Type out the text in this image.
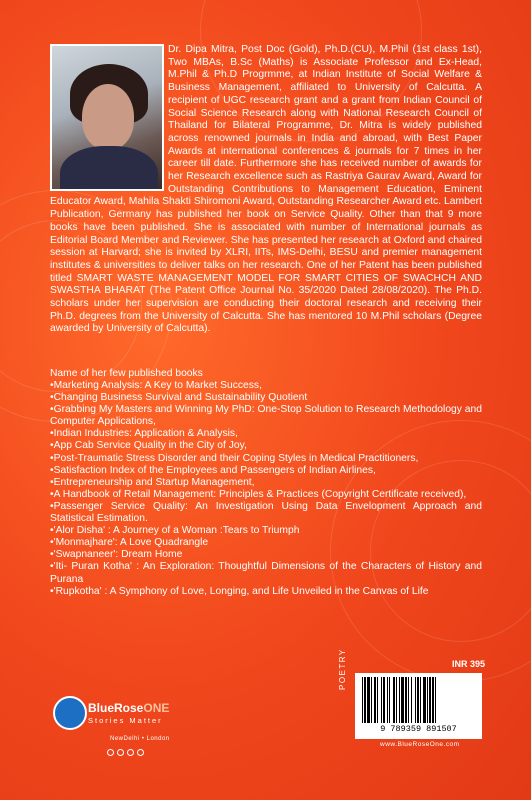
Dr. Dipa Mitra, Post Doc (Gold), Ph.D.(CU), M.Phil (1st class 1st), Two MBAs, B.Sc (Maths) is Associate Professor and Ex-Head, M.Phil & Ph.D Progrmme, at Indian Institute of Social Welfare & Business Management, affiliated to University of Calcutta. A recipient of UGC research grant and a grant from Indian Council of Social Science Research along with National Research Council of Thailand for Bilateral Programme, Dr. Mitra is widely published across renowned journals in India and abroad, with Best Paper Awards at international conferences & journals for 7 times in her career till date. Furthermore she has received number of awards for her Research excellence such as Rastriya Gaurav Award, Award for Outstanding Contributions to Management Education, Eminent Educator Award, Mahila Shakti Shiromoni Award, Outstanding Researcher Award etc. Lambert Publication, Germany has published her book on Service Quality. Other than that 9 more books have been published. She is associated with number of International journals as Editorial Board Member and Reviewer. She has presented her research at Oxford and chaired session at Harvard; she is invited by XLRI, IITs, IMS-Delhi, BESU and premier management institutes & universities to deliver talks on her research. One of her Patent has been published titled SMART WASTE MANAGEMENT MODEL FOR SMART CITIES OF SWACHCH AND SWASTHA BHARAT (The Patent Office Journal No. 35/2020 Dated 28/08/2020). The Ph.D. scholars under her supervision are conducting their doctoral research and receiving their Ph.D. degrees from the University of Calcutta. She has mentored 10 M.Phil scholars (Degree awarded by University of Calcutta).

Name of her few published books

• Marketing Analysis: A Key to Market Success,
• Changing Business Survival and Sustainability Quotient
• Grabbing My Masters and Winning My PhD: One-Stop Solution to Research Methodology and Computer Applications,
• Indian Industries: Application & Analysis,
• App Cab Service Quality in the City of Joy,
• Post-Traumatic Stress Disorder and their Coping Styles in Medical Practitioners,
• Satisfaction Index of the Employees and Passengers of Indian Airlines,
• Entrepreneurship and Startup Management,
• A Handbook of Retail Management: Principles & Practices (Copyright Certificate received),
• Passenger Service Quality: An Investigation Using Data Envelopment Approach and Statistical Estimation.
• 'Alor Disha' : A Journey of a Woman :Tears to Triumph
• 'Monmajhare': A Love Quadrangle
• 'Swapnaneer': Dream Home
• 'Iti- Puran Kotha' : An Exploration: Thoughtful Dimensions of the Characters of History and Purana
• 'Rupkotha' : A Symphony of Love, Longing, and Life Unveiled in the Canvas of Life
BlueRoseONE
Stories Matter
NewDelhi • London
INR 395
POETRY
9 789359 891507
www.BlueRoseOne.com
